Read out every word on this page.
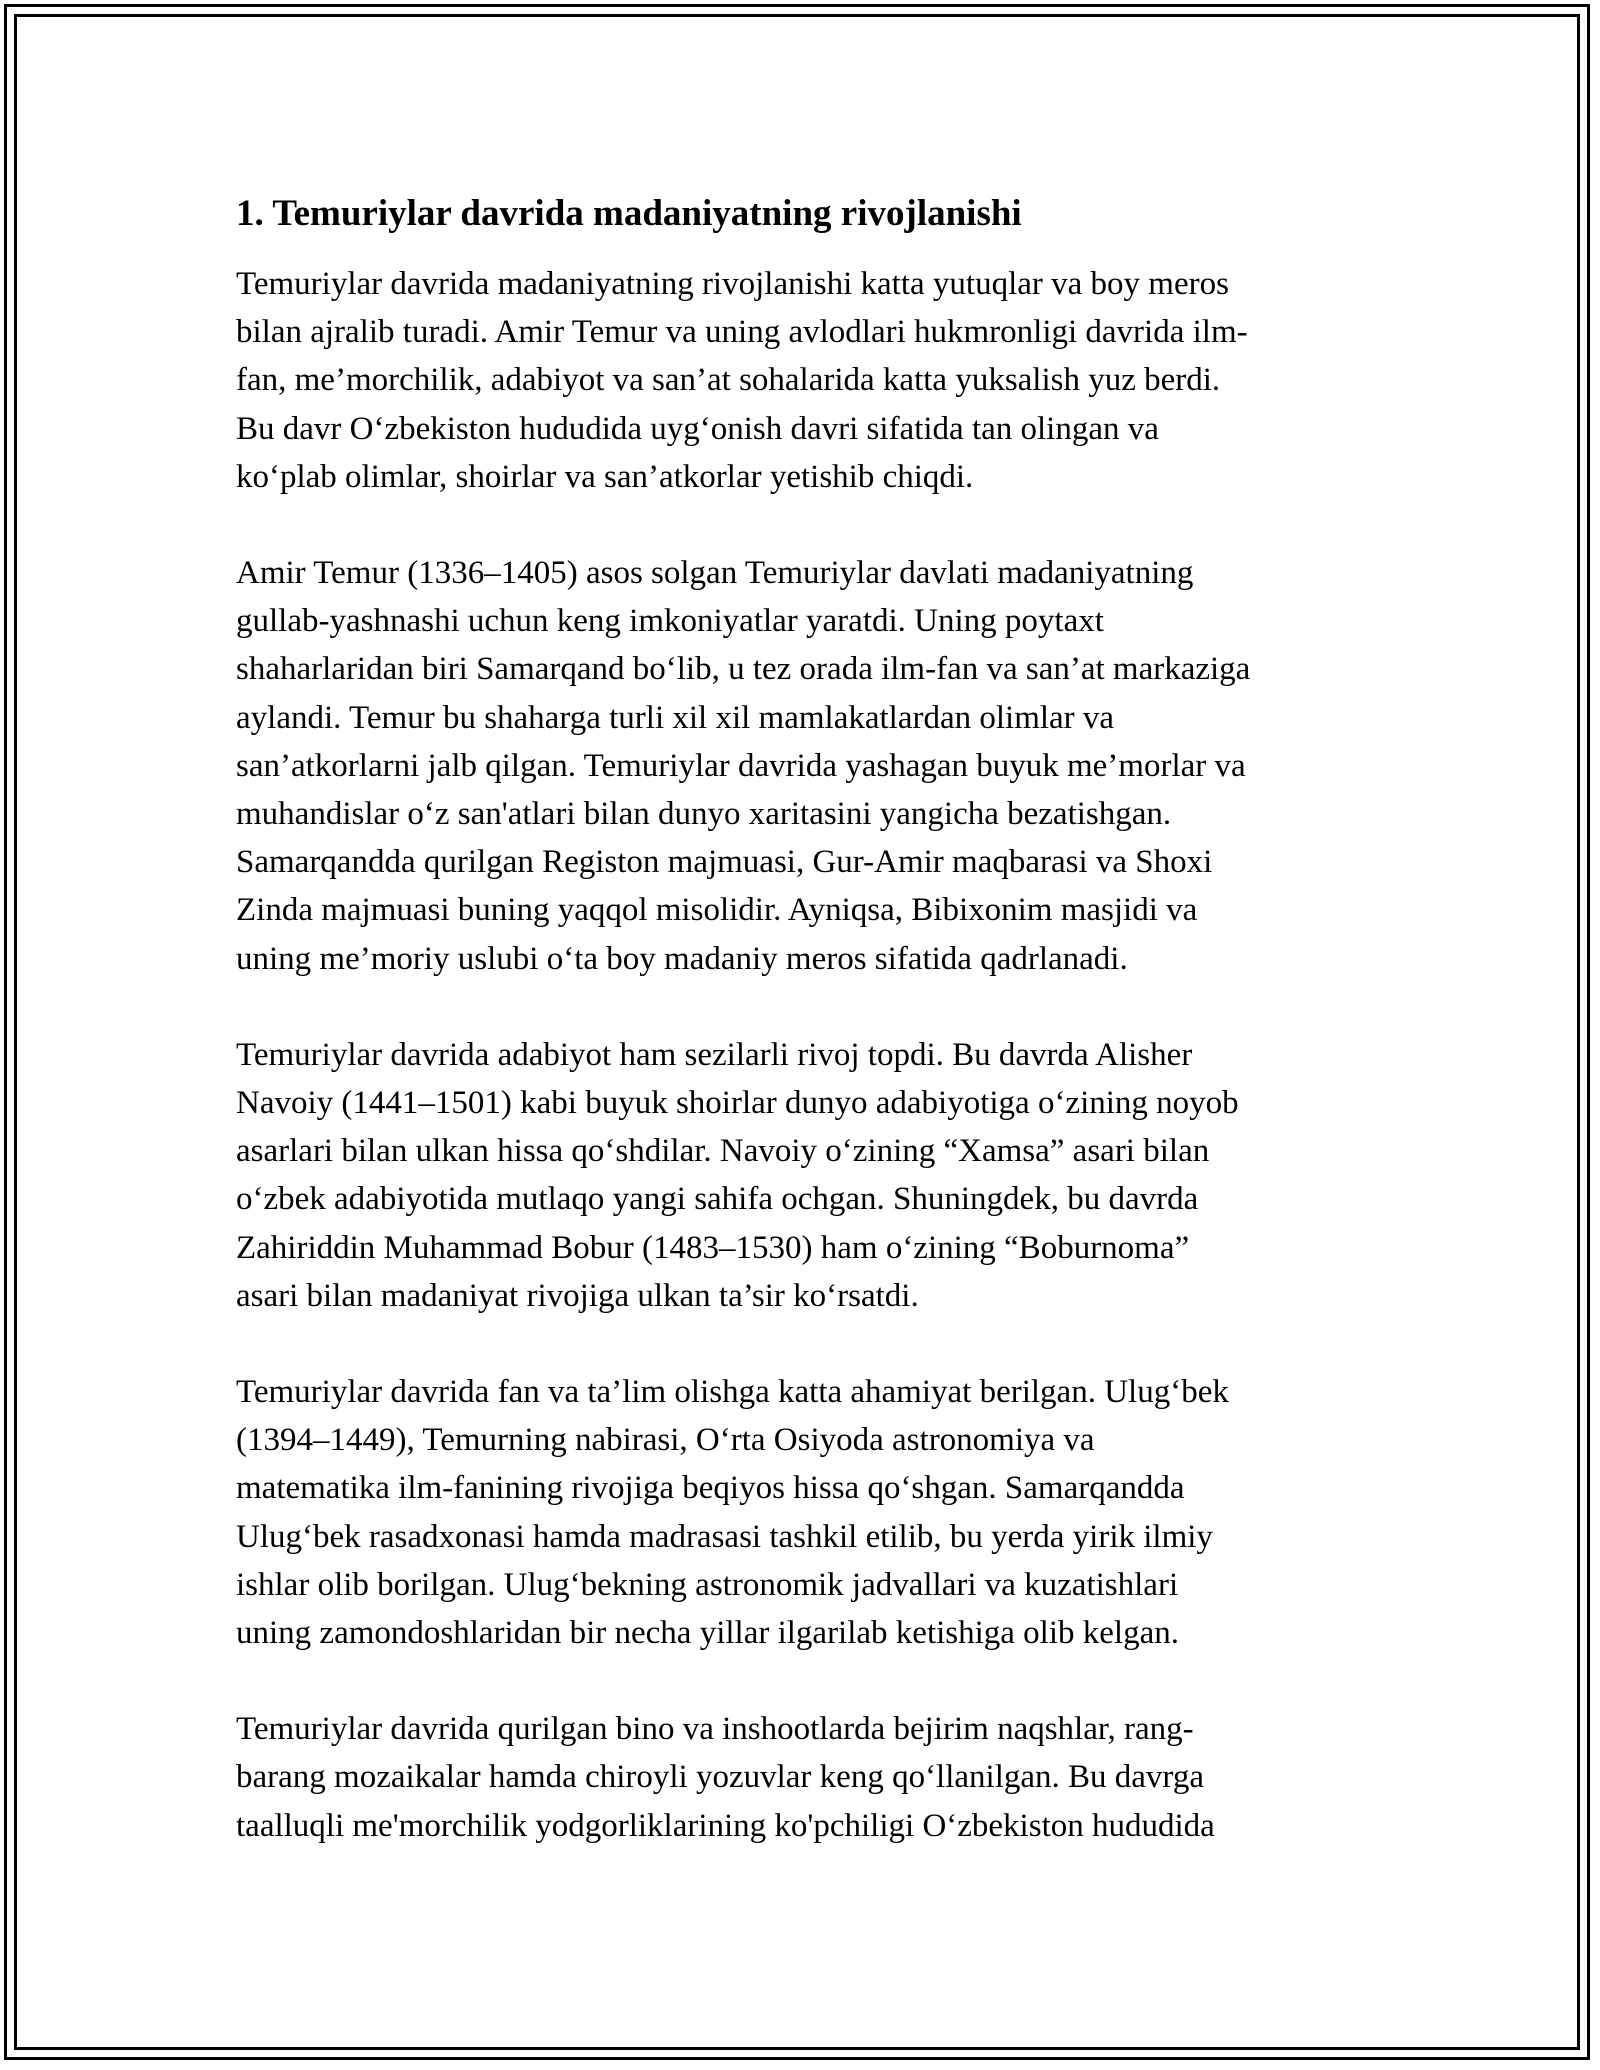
1. Temuriylar davrida madaniyatning rivojlanishi
Temuriylar davrida madaniyatning rivojlanishi katta yutuqlar va boy meros
bilan ajralib turadi. Amir Temur va uning avlodlari hukmronligi davrida ilm-
fan, me’morchilik, adabiyot va san’at sohalarida katta yuksalish yuz berdi.
Bu davr O‘zbekiston hududida uyg‘onish davri sifatida tan olingan va
ko‘plab olimlar, shoirlar va san’atkorlar yetishib chiqdi.
Amir Temur (1336–1405) asos solgan Temuriylar davlati madaniyatning
gullab-yashnashi uchun keng imkoniyatlar yaratdi. Uning poytaxt
shaharlaridan biri Samarqand bo‘lib, u tez orada ilm-fan va san’at markaziga
aylandi. Temur bu shaharga turli xil xil mamlakatlardan olimlar va
san’atkorlarni jalb qilgan. Temuriylar davrida yashagan buyuk me’morlar va
muhandislar o‘z san'atlari bilan dunyo xaritasini yangicha bezatishgan.
Samarqandda qurilgan Registon majmuasi, Gur-Amir maqbarasi va Shoxi
Zinda majmuasi buning yaqqol misolidir. Ayniqsa, Bibixonim masjidi va
uning me’moriy uslubi o‘ta boy madaniy meros sifatida qadrlanadi.
Temuriylar davrida adabiyot ham sezilarli rivoj topdi. Bu davrda Alisher
Navoiy (1441–1501) kabi buyuk shoirlar dunyo adabiyotiga o‘zining noyob
asarlari bilan ulkan hissa qo‘shdilar. Navoiy o‘zining “Xamsa” asari bilan
o‘zbek adabiyotida mutlaqo yangi sahifa ochgan. Shuningdek, bu davrda
Zahiriddin Muhammad Bobur (1483–1530) ham o‘zining “Boburnoma”
asari bilan madaniyat rivojiga ulkan ta’sir ko‘rsatdi.
Temuriylar davrida fan va ta’lim olishga katta ahamiyat berilgan. Ulug‘bek
(1394–1449), Temurning nabirasi, O‘rta Osiyoda astronomiya va
matematika ilm-fanining rivojiga beqiyos hissa qo‘shgan. Samarqandda
Ulug‘bek rasadxonasi hamda madrasasi tashkil etilib, bu yerda yirik ilmiy
ishlar olib borilgan. Ulug‘bekning astronomik jadvallari va kuzatishlari
uning zamondoshlaridan bir necha yillar ilgarilab ketishiga olib kelgan.
Temuriylar davrida qurilgan bino va inshootlarda bejirim naqshlar, rang-
barang mozaikalar hamda chiroyli yozuvlar keng qo‘llanilgan. Bu davrga
taalluqli me'morchilik yodgorliklarining ko'pchiligi O‘zbekiston hududida
